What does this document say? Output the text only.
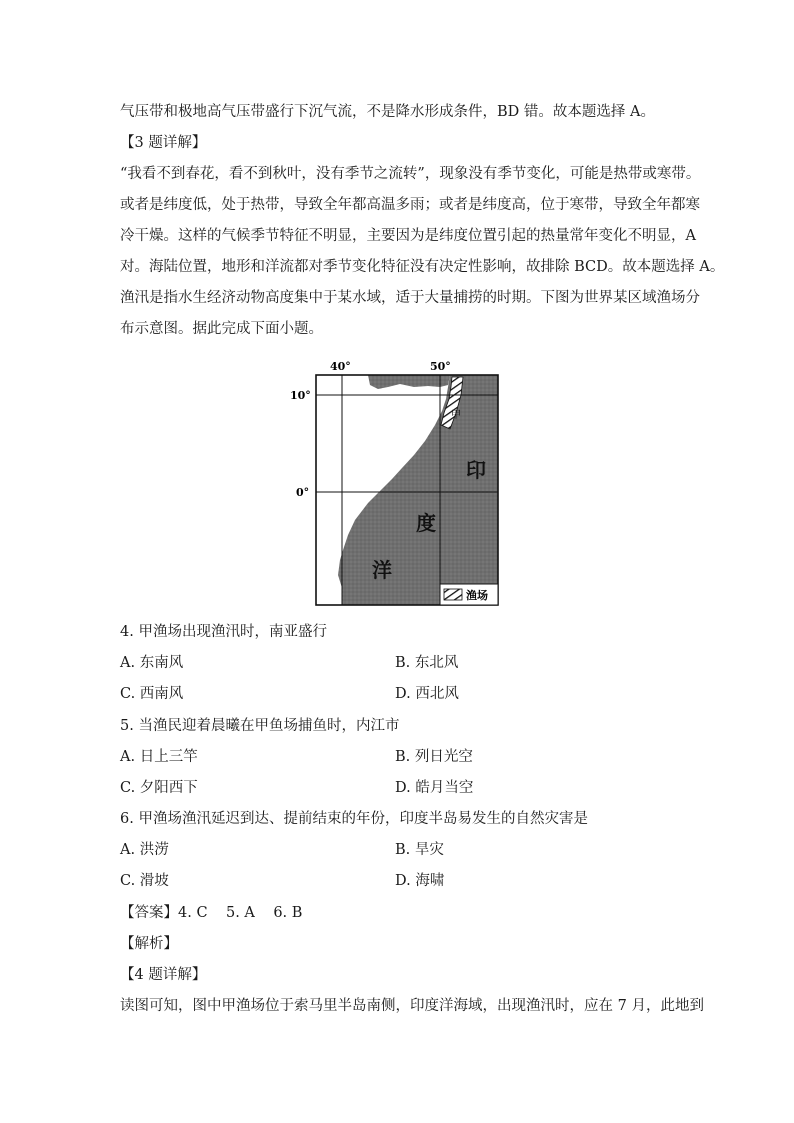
气压带和极地高气压带盛行下沉气流，不是降水形成条件，BD 错。故本题选择 A。
【3 题详解】
“我看不到春花，看不到秋叶，没有季节之流转”，现象没有季节变化，可能是热带或寒带。
或者是纬度低，处于热带，导致全年都高温多雨；或者是纬度高，位于寒带，导致全年都寒
冷干燥。这样的气候季节特征不明显，主要因为是纬度位置引起的热量常年变化不明显，A
对。海陆位置，地形和洋流都对季节变化特征没有决定性影响，故排除 BCD。故本题选择 A。
渔汛是指水生经济动物高度集中于某水域，适于大量捕捞的时期。下图为世界某区域渔场分
布示意图。据此完成下面小题。
40°	50°
10°
0°
甲
印
度
洋
渔场
4. 甲渔场出现渔汛时，南亚盛行
A. 东南风	B. 东北风
C. 西南风	D. 西北风
5. 当渔民迎着晨曦在甲鱼场捕鱼时，内江市
A. 日上三竿	B. 列日光空
C. 夕阳西下	D. 皓月当空
6. 甲渔场渔汛延迟到达、提前结束的年份，印度半岛易发生的自然灾害是
A. 洪涝	B. 旱灾
C. 滑坡	D. 海啸
【答案】4. C    5. A    6. B
【解析】
【4 题详解】
读图可知，图中甲渔场位于索马里半岛南侧，印度洋海域，出现渔汛时，应在 7 月，此地到
